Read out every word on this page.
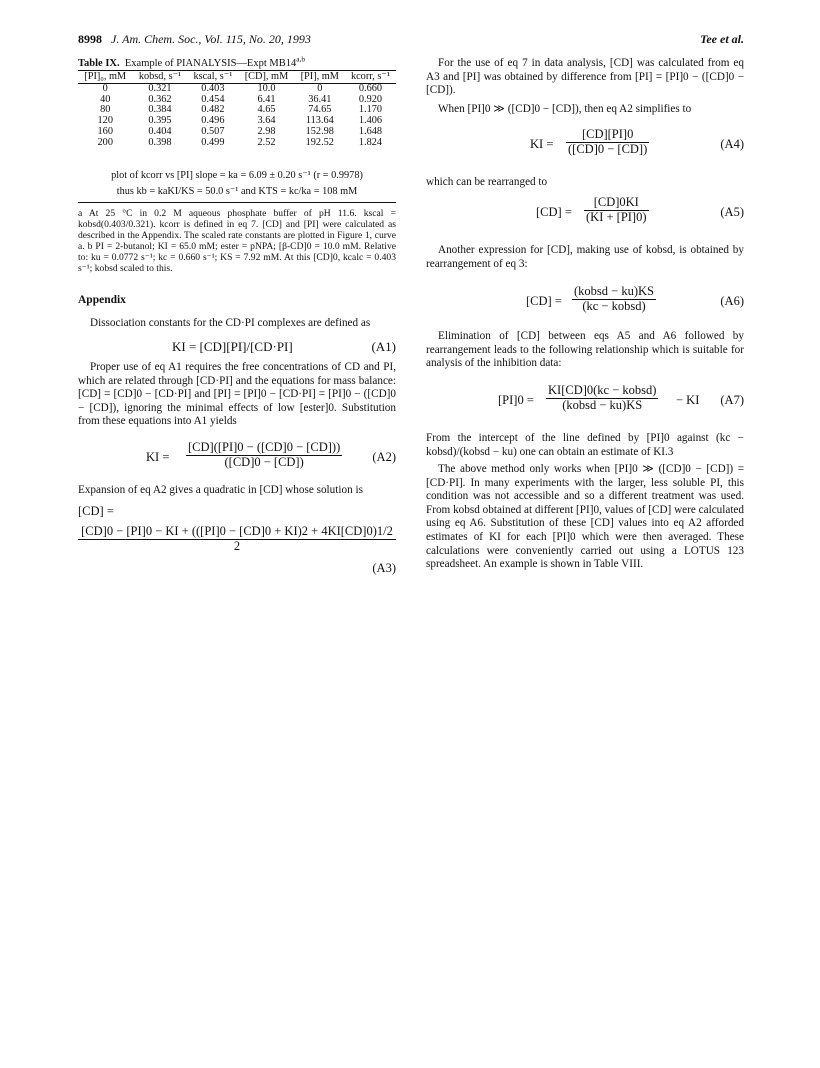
8998 J. Am. Chem. Soc., Vol. 115, No. 20, 1993	Tee et al.
Table IX. Example of PIANALYSIS—Expt MB14$^{a,b}$
[PI]₀, mM	kobsd, s⁻¹	kscal, s⁻¹	[CD], mM	[PI], mM	kcorr, s⁻¹
0	0.321	0.403	10.0	0	0.660
40	0.362	0.454	6.41	36.41	0.920
80	0.384	0.482	4.65	74.65	1.170
120	0.395	0.496	3.64	113.64	1.406
160	0.404	0.507	2.98	152.98	1.648
200	0.398	0.499	2.52	192.52	1.824
plot of kcorr vs [PI] slope = ka = 6.09 ± 0.20 s⁻¹ (r = 0.9978)
thus kb = kaKI/KS = 50.0 s⁻¹ and KTS = kc/ka = 108 mM
a At 25 °C in 0.2 M aqueous phosphate buffer of pH 11.6. kscal = kobsd(0.403/0.321). kcorr is defined in eq 7. [CD] and [PI] were calculated as described in the Appendix. The scaled rate constants are plotted in Figure 1, curve a. b PI = 2-butanol; KI = 65.0 mM; ester = pNPA; [β-CD]0 = 10.0 mM. Relative to: ku = 0.0772 s⁻¹; kc = 0.660 s⁻¹; KS = 7.92 mM. At this [CD]0, kcalc = 0.403 s⁻¹; kobsd scaled to this.
Appendix

Dissociation constants for the CD·PI complexes are defined as

KI = [CD][PI]/[CD·PI]	(A1)

Proper use of eq A1 requires the free concentrations of CD and PI, which are related through [CD·PI] and the equations for mass balance: [CD] = [CD]0 − [CD·PI] and [PI] = [PI]0 − [CD·PI] = [PI]0 − ([CD]0 − [CD]), ignoring the minimal effects of low [ester]0. Substitution from these equations into A1 yields

KI = $\frac{[CD]([PI]0 - ([CD]0 - [CD]))}{([CD]0 - [CD])} (A2)$

Expansion of eq A2 gives a quadratic in [CD] whose solution is

[CD] =
$\frac{[CD]0 - [PI]0 - KI + (([PI]0 - [CD]0 + KI)2 + 4KI[CD]0)1/2}{2}$
(A3)

For the use of eq 7 in data analysis, [CD] was calculated from eq A3 and [PI] was obtained by difference from [PI] = [PI]0 − ([CD]0 − [CD]).

When [PI]0 ≫ ([CD]0 − [CD]), then eq A2 simplifies to

KI = $\frac{[CD][PI]0}{([CD]0 - [CD])}$	(A4)

which can be rearranged to

$[CD] = \frac{[CD]0KI}{(KI + [PI]0)}$	(A5)

Another expression for [CD], making use of kobsd, is obtained by rearrangement of eq 3:

[CD] =
(kobsd − ku)KS
(kc − kobsd)	(A6)

Elimination of [CD] between eqs A5 and A6 followed by rearrangement leads to the following relationship which is suitable for analysis of the inhibition data:

[PI]0 =
KI[CD]0(kc − kobsd)
(kobsd − ku)KS	− KI (A7)

From the intercept of the line defined by [PI]0 against (kc − kobsd)/(kobsd − ku) one can obtain an estimate of KI.3

The above method only works when [PI]0 ≫ ([CD]0 − [CD]) = [CD·PI]. In many experiments with the larger, less soluble PI, this condition was not accessible and so a different treatment was used. From kobsd obtained at different [PI]0, values of [CD] were calculated using eq A6. Substitution of these [CD] values into eq A2 afforded estimates of KI for each [PI]0 which were then averaged. These calculations were conveniently carried out using a LOTUS 123 spreadsheet. An example is shown in Table VIII.
